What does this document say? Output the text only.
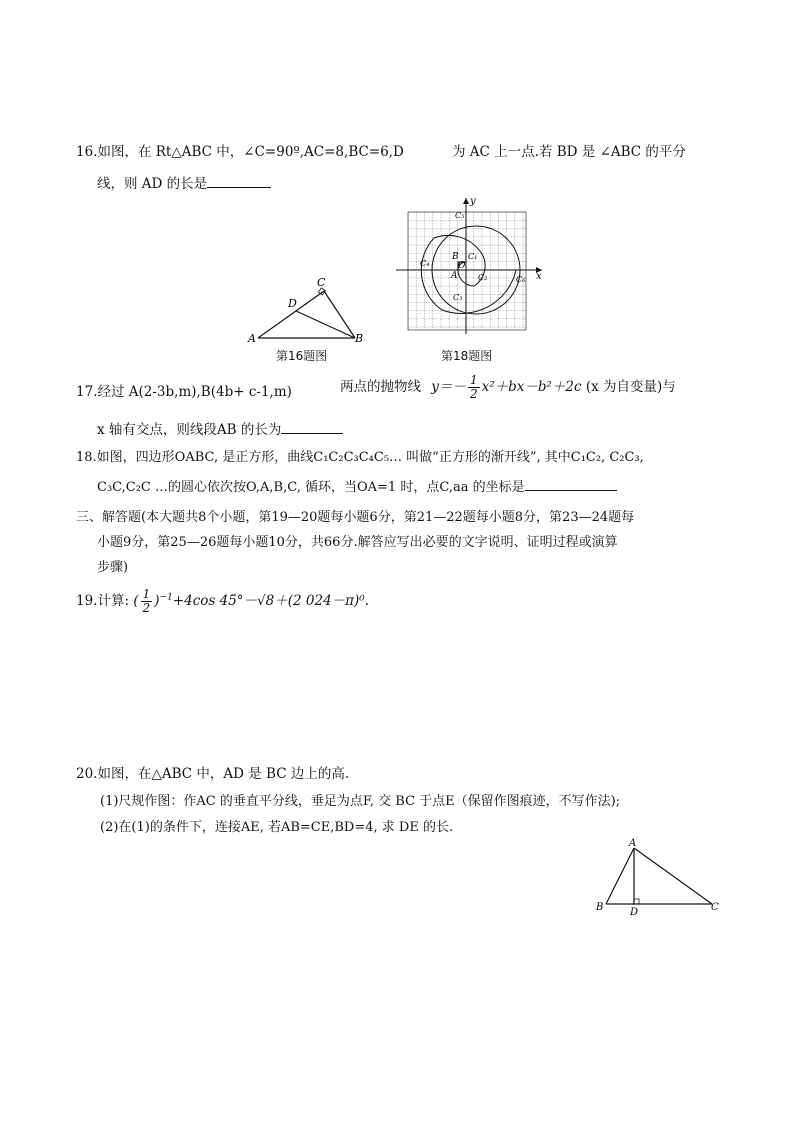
16.如图，在 Rt△ABC 中，∠C=90º,AC=8,BC=6,D	为 AC 上一点.若 BD 是 ∠ABC 的平分
线，则 AD 的长是
A
C
D
B
第16题图
x
y
O
A
B C₁
C₂
C₃
C₄
C₅
C₆
第18题图
17.经过 A(2-3b,m),B(4b+ c-1,m)	两点的抛物线 $y=- \frac{1}{2} x^2+bx-b^2+2c$ (x 为自变量)与
x 轴有交点，则线段AB 的长为
18.如图，四边形OABC, 是正方形，曲线C₁C₂C₃C₄C₅… 叫做“正方形的渐开线”, 其中C₁C₂, C₂C₃,
C₃C,C₂C …的圆心依次按O,A,B,C, 循环，当OA=1 时，点C,aa 的坐标是
三、解答题(本大题共8个小题，第19—20题每小题6分，第21—22题每小题8分，第23—24题每
小题9分，第25—26题每小题10分，共66分.解答应写出必要的文字说明、证明过程或演算
步骤)
19.计算: ( $\frac{1}{2} )^{-1}+4\cos$ 45°－√8＋(2 024－π)⁰.
20.如图，在△ABC 中，AD 是 BC 边上的高.
(1)尺规作图：作AC 的垂直平分线，垂足为点F, 交 BC 于点E（保留作图痕迹，不写作法);
(2)在(1)的条件下，连接AE, 若AB=CE,BD=4, 求 DE 的长.
A
B	D	C
